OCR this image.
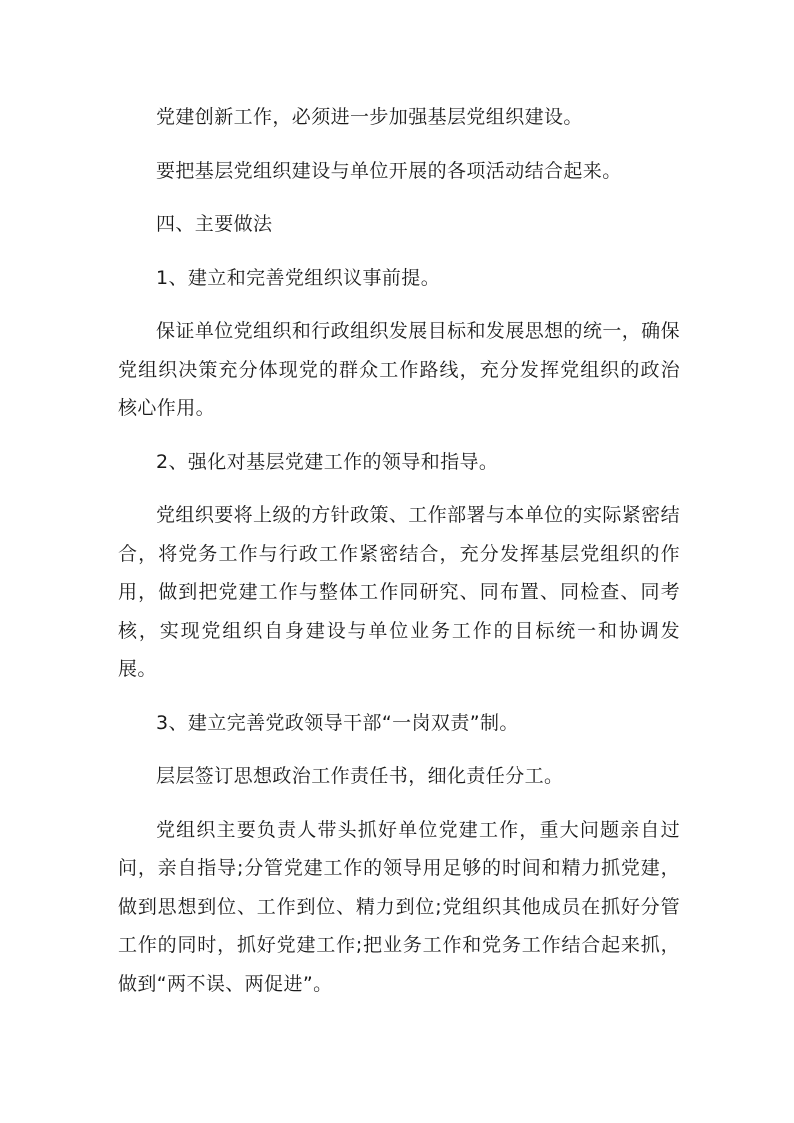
党建创新工作，必须进一步加强基层党组织建设。

要把基层党组织建设与单位开展的各项活动结合起来。

四、主要做法

1、建立和完善党组织议事前提。

保证单位党组织和行政组织发展目标和发展思想的统一，确保党组织决策充分体现党的群众工作路线，充分发挥党组织的政治核心作用。

2、强化对基层党建工作的领导和指导。

党组织要将上级的方针政策、工作部署与本单位的实际紧密结合，将党务工作与行政工作紧密结合，充分发挥基层党组织的作用，做到把党建工作与整体工作同研究、同布置、同检查、同考核，实现党组织自身建设与单位业务工作的目标统一和协调发展。

3、建立完善党政领导干部“一岗双责”制。

层层签订思想政治工作责任书，细化责任分工。

党组织主要负责人带头抓好单位党建工作，重大问题亲自过问，亲自指导;分管党建工作的领导用足够的时间和精力抓党建，做到思想到位、工作到位、精力到位;党组织其他成员在抓好分管工作的同时，抓好党建工作;把业务工作和党务工作结合起来抓，做到“两不误、两促进”。
